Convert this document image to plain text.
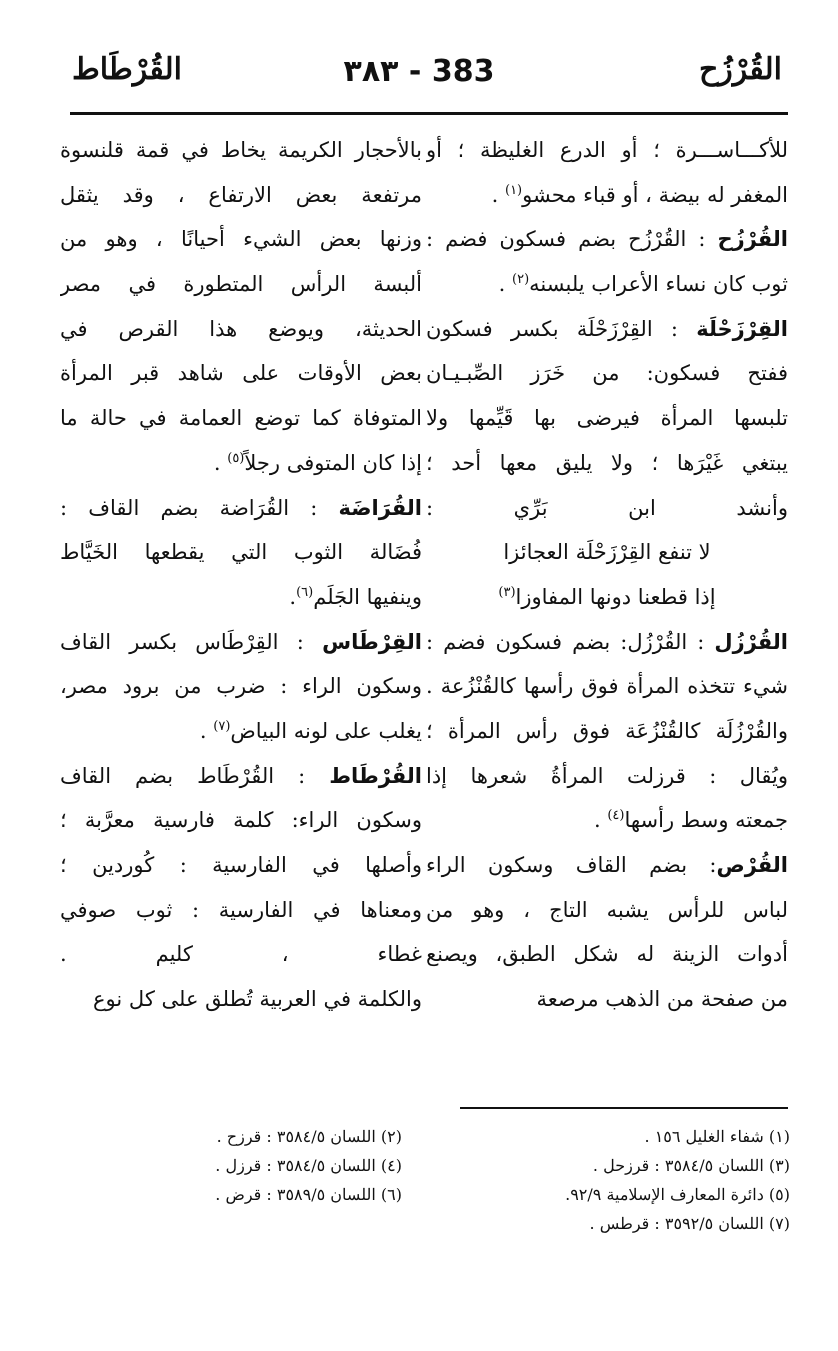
القُرْزُح
٣٨٣ - 383
القُرْطَاط
للأكـــاســـرة ؛ أو الدرع الغليظة ؛ أو
المغفر له بيضة ، أو قباء محشو$^{(١)}$ .
القُرْزُح : القُرْزُح بضم فسكون فضم :
ثوب كان نساء الأعراب يلبسنه$^{(٢)}$ .
القِرْزَحْلَة : القِرْزَحْلَة بكسر فسكون
ففتح فسكون: من خَرَز الصِّبـيـان
تلبسها المرأة فيرضى بها قَيِّمها ولا
يبتغي غَيْرَها ؛ ولا يليق معها أحد ؛
وأنشد ابن بَرِّي :
لا تنفع القِرْزَحْلَة العجائزا
إذا قطعنا دونها المفاوزا$^{(٣)}$
القُرْزُل : القُرْزُل: بضم فسكون فضم :
شيء تتخذه المرأة فوق رأسها كالقُنْزُعة .
والقُرْزُلَة كالقُنْزُعَة فوق رأس المرأة ؛
ويُقال : قرزلت المرأةُ شعرها إذا
جمعته وسط رأسها$^{(٤)}$ .
القُرْص: بضم القاف وسكون الراء
لباس للرأس يشبه التاج ، وهو من
أدوات الزينة له شكل الطبق، ويصنع
من صفحة من الذهب مرصعة
بالأحجار الكريمة يخاط في قمة قلنسوة
مرتفعة بعض الارتفاع ، وقد يثقل
وزنها بعض الشيء أحيانًا ، وهو من
ألبسة الرأس المتطورة في مصر
الحديثة، ويوضع هذا القرص في
بعض الأوقات على شاهد قبر المرأة
المتوفاة كما توضع العمامة في حالة ما
إذا كان المتوفى رجلاً$^{(٥)}$ .
القُرَاضَة : القُرَاضة بضم القاف :
فُضَالة الثوب التي يقطعها الخَيَّاط
وينفيها الجَلَم$^{(٦)}$.
القِرْطَاس : القِرْطَاس بكسر القاف
وسكون الراء : ضرب من برود مصر،
يغلب على لونه البياض$^{(٧)}$ .
القُرْطَاط : القُرْطَاط بضم القاف
وسكون الراء: كلمة فارسية معرَّبة ؛
وأصلها في الفارسية : كُوردين ؛
ومعناها في الفارسية : ثوب صوفي
غطاء ، كليم .
والكلمة في العربية تُطلق على كل نوع
(١) شفاء الغليل ١٥٦ .
(٢) اللسان ٣٥٨٤/٥ : قرزح .
(٣) اللسان ٣٥٨٤/٥ : قرزحل .
(٤) اللسان ٣٥٨٤/٥ : قرزل .
(٥) دائرة المعارف الإسلامية ٩٢/٩.
(٦) اللسان ٣٥٨٩/٥ : قرض .
(٧) اللسان ٣٥٩٢/٥ : قرطس .
